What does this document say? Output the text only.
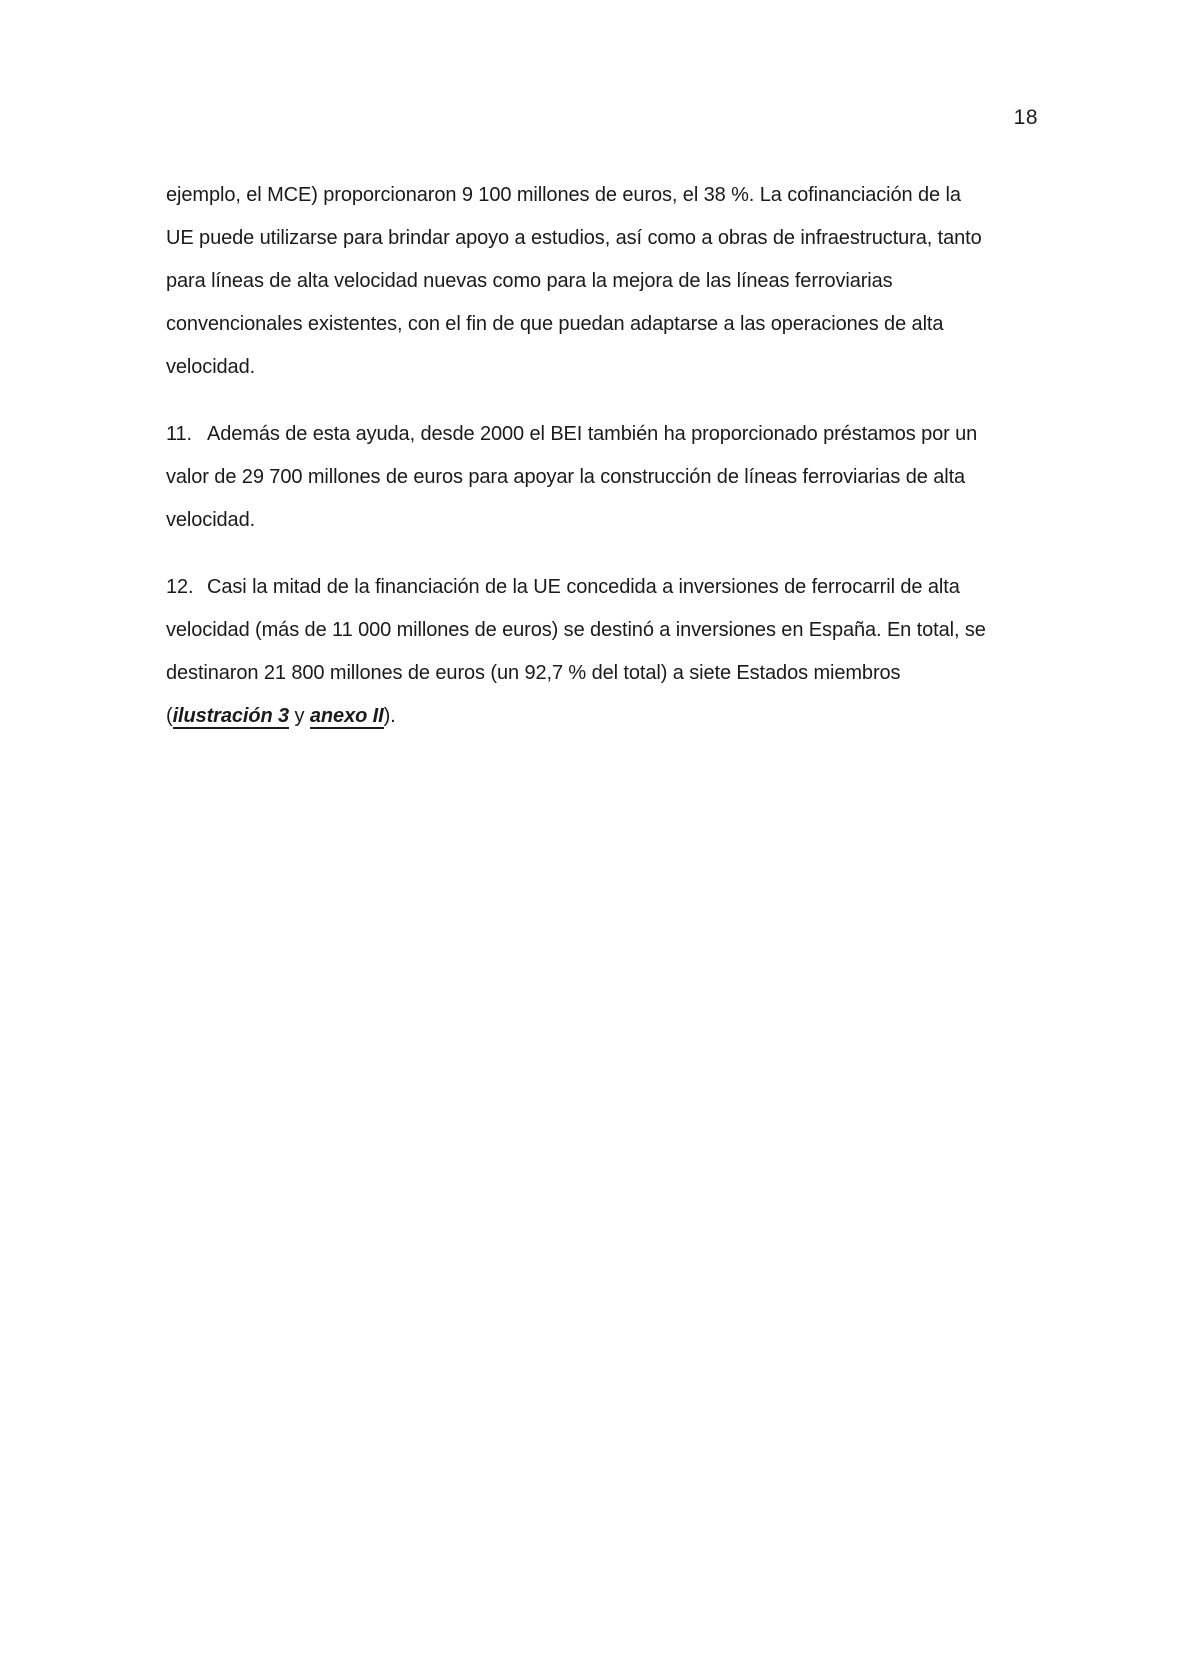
18
ejemplo, el MCE) proporcionaron 9 100 millones de euros, el 38 %. La cofinanciación de la
UE puede utilizarse para brindar apoyo a estudios, así como a obras de infraestructura, tanto
para líneas de alta velocidad nuevas como para la mejora de las líneas ferroviarias
convencionales existentes, con el fin de que puedan adaptarse a las operaciones de alta
velocidad.
11. Además de esta ayuda, desde 2000 el BEI también ha proporcionado préstamos por un
valor de 29 700 millones de euros para apoyar la construcción de líneas ferroviarias de alta
velocidad.
12. Casi la mitad de la financiación de la UE concedida a inversiones de ferrocarril de alta
velocidad (más de 11 000 millones de euros) se destinó a inversiones en España. En total, se
destinaron 21 800 millones de euros (un 92,7 % del total) a siete Estados miembros
(ilustración 3 y anexo II).
